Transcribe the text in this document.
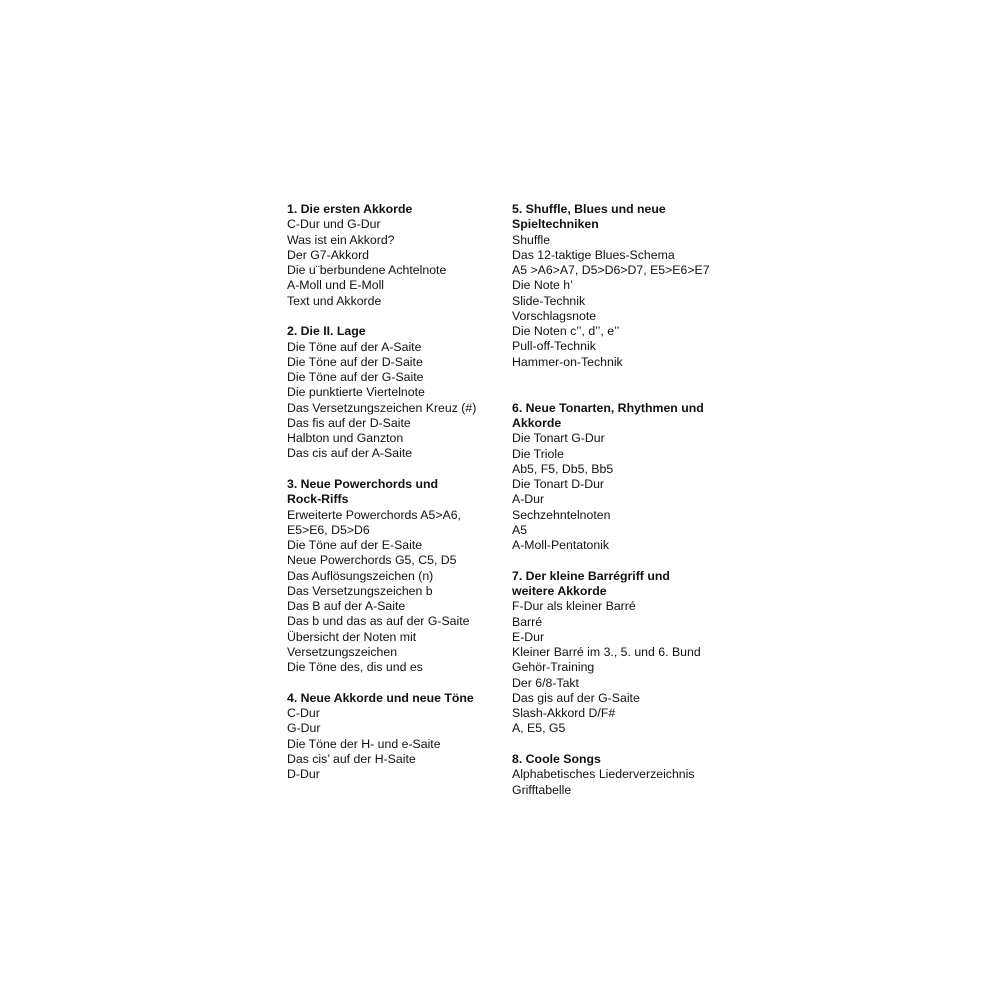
1. Die ersten Akkorde
C-Dur und G-Dur
Was ist ein Akkord?
Der G7-Akkord
Die u¨berbundene Achtelnote
A-Moll und E-Moll
Text und Akkorde
2. Die II. Lage
Die Töne auf der A-Saite
Die Töne auf der D-Saite
Die Töne auf der G-Saite
Die punktierte Viertelnote
Das Versetzungszeichen Kreuz (#)
Das fis auf der D-Saite
Halbton und Ganzton
Das cis auf der A-Saite
3. Neue Powerchords und Rock-Riffs
Erweiterte Powerchords A5>A6, E5>E6, D5>D6
Die Töne auf der E-Saite
Neue Powerchords G5, C5, D5
Das Auflösungszeichen (n)
Das Versetzungszeichen b
Das B auf der A-Saite
Das b und das as auf der G-Saite
Übersicht der Noten mit Versetzungszeichen
Die Töne des, dis und es
4. Neue Akkorde und neue Töne
C-Dur
G-Dur
Die Töne der H- und e-Saite
Das cis’ auf der H-Saite
D-Dur
5. Shuffle, Blues und neue Spieltechniken
Shuffle
Das 12-taktige Blues-Schema
A5 >A6>A7, D5>D6>D7, E5>E6>E7
Die Note h’
Slide-Technik
Vorschlagsnote
Die Noten c’’, d’’, e’’
Pull-off-Technik
Hammer-on-Technik
6. Neue Tonarten, Rhythmen und Akkorde
Die Tonart G-Dur
Die Triole
Ab5, F5, Db5, Bb5
Die Tonart D-Dur
A-Dur
Sechzehntelnoten
A5
A-Moll-Pentatonik
7. Der kleine Barrégriff und weitere Akkorde
F-Dur als kleiner Barré
Barré
E-Dur
Kleiner Barré im 3., 5. und 6. Bund
Gehör-Training
Der 6/8-Takt
Das gis auf der G-Saite
Slash-Akkord D/F#
A, E5, G5
8. Coole Songs
Alphabetisches Liederverzeichnis
Grifftabelle
